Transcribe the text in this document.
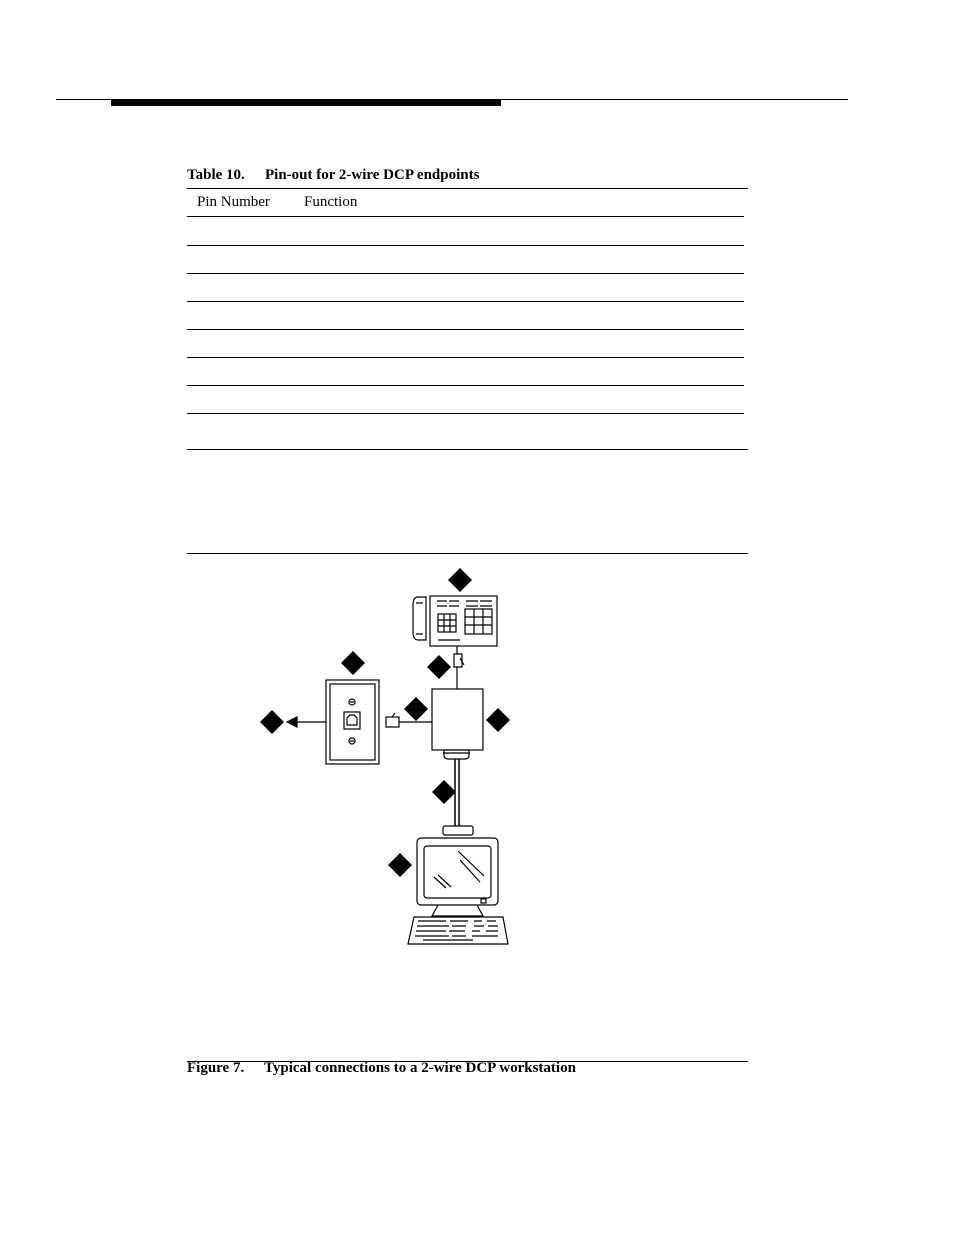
Table 10. Pin-out for 2-wire DCP endpoints
Pin Number Function
Figure 7. Typical connections to a 2-wire DCP workstation
